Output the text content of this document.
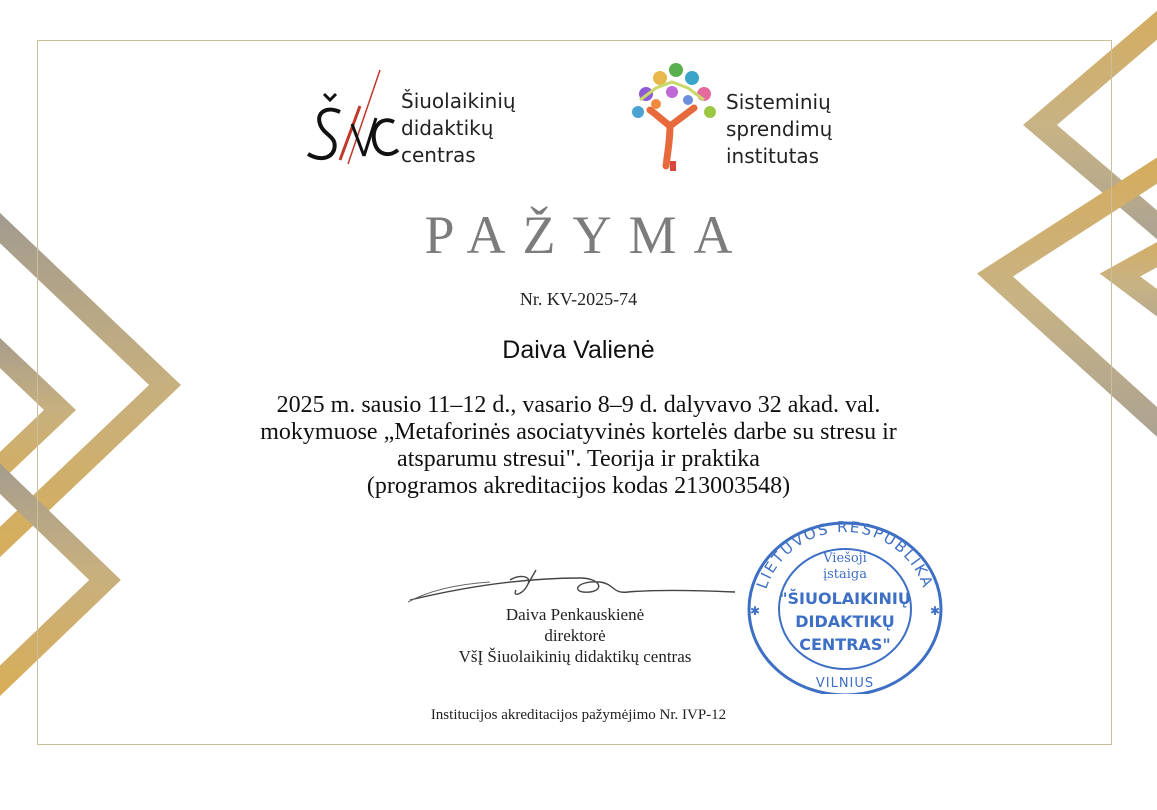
Šiuolaikinių
didaktikų
centras
Sisteminių
sprendimų
institutas
PAŽYMA
Nr. KV-2025-74
Daiva Valienė
2025 m. sausio 11–12 d., vasario 8–9 d. dalyvavo 32 akad. val.
mokymuose „Metaforinės asociatyvinės kortelės darbe su stresu ir
atsparumu stresui". Teorija ir praktika
(programos akreditacijos kodas 213003548)
Daiva Penkauskienė
direktorė
VšĮ Šiuolaikinių didaktikų centras
LIETUVOS RESPUBLIKA
Viešoji
įstaiga
"ŠIUOLAIKINIŲ
DIDAKTIKŲ
CENTRAS"
VILNIUS
✱	✱
Institucijos akreditacijos pažymėjimo Nr. IVP-12
